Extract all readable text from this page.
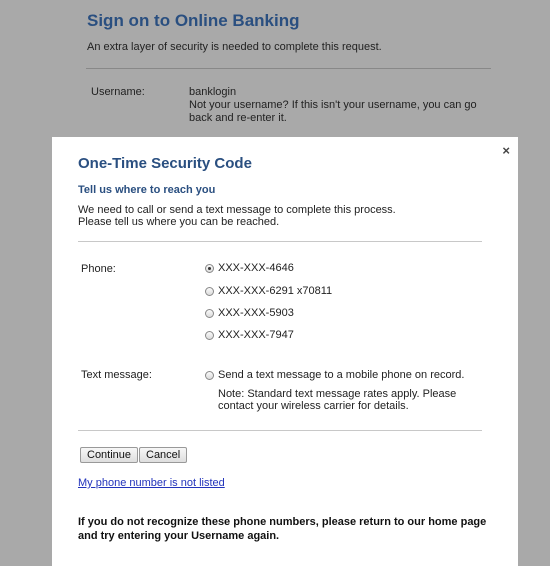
Sign on to Online Banking
An extra layer of security is needed to complete this request.
Username:	banklogin
Not your username? If this isn't your username, you can go back and re-enter it.
×
One-Time Security Code
Tell us where to reach you
We need to call or send a text message to complete this process.
Please tell us where you can be reached.
Phone:	XXX-XXX-4646
XXX-XXX-6291 x70811
XXX-XXX-5903
XXX-XXX-7947
Text message:	Send a text message to a mobile phone on record.
Note: Standard text message rates apply. Please
contact your wireless carrier for details.
Continue	Cancel
My phone number is not listed
If you do not recognize these phone numbers, please return to our home page
and try entering your Username again.
